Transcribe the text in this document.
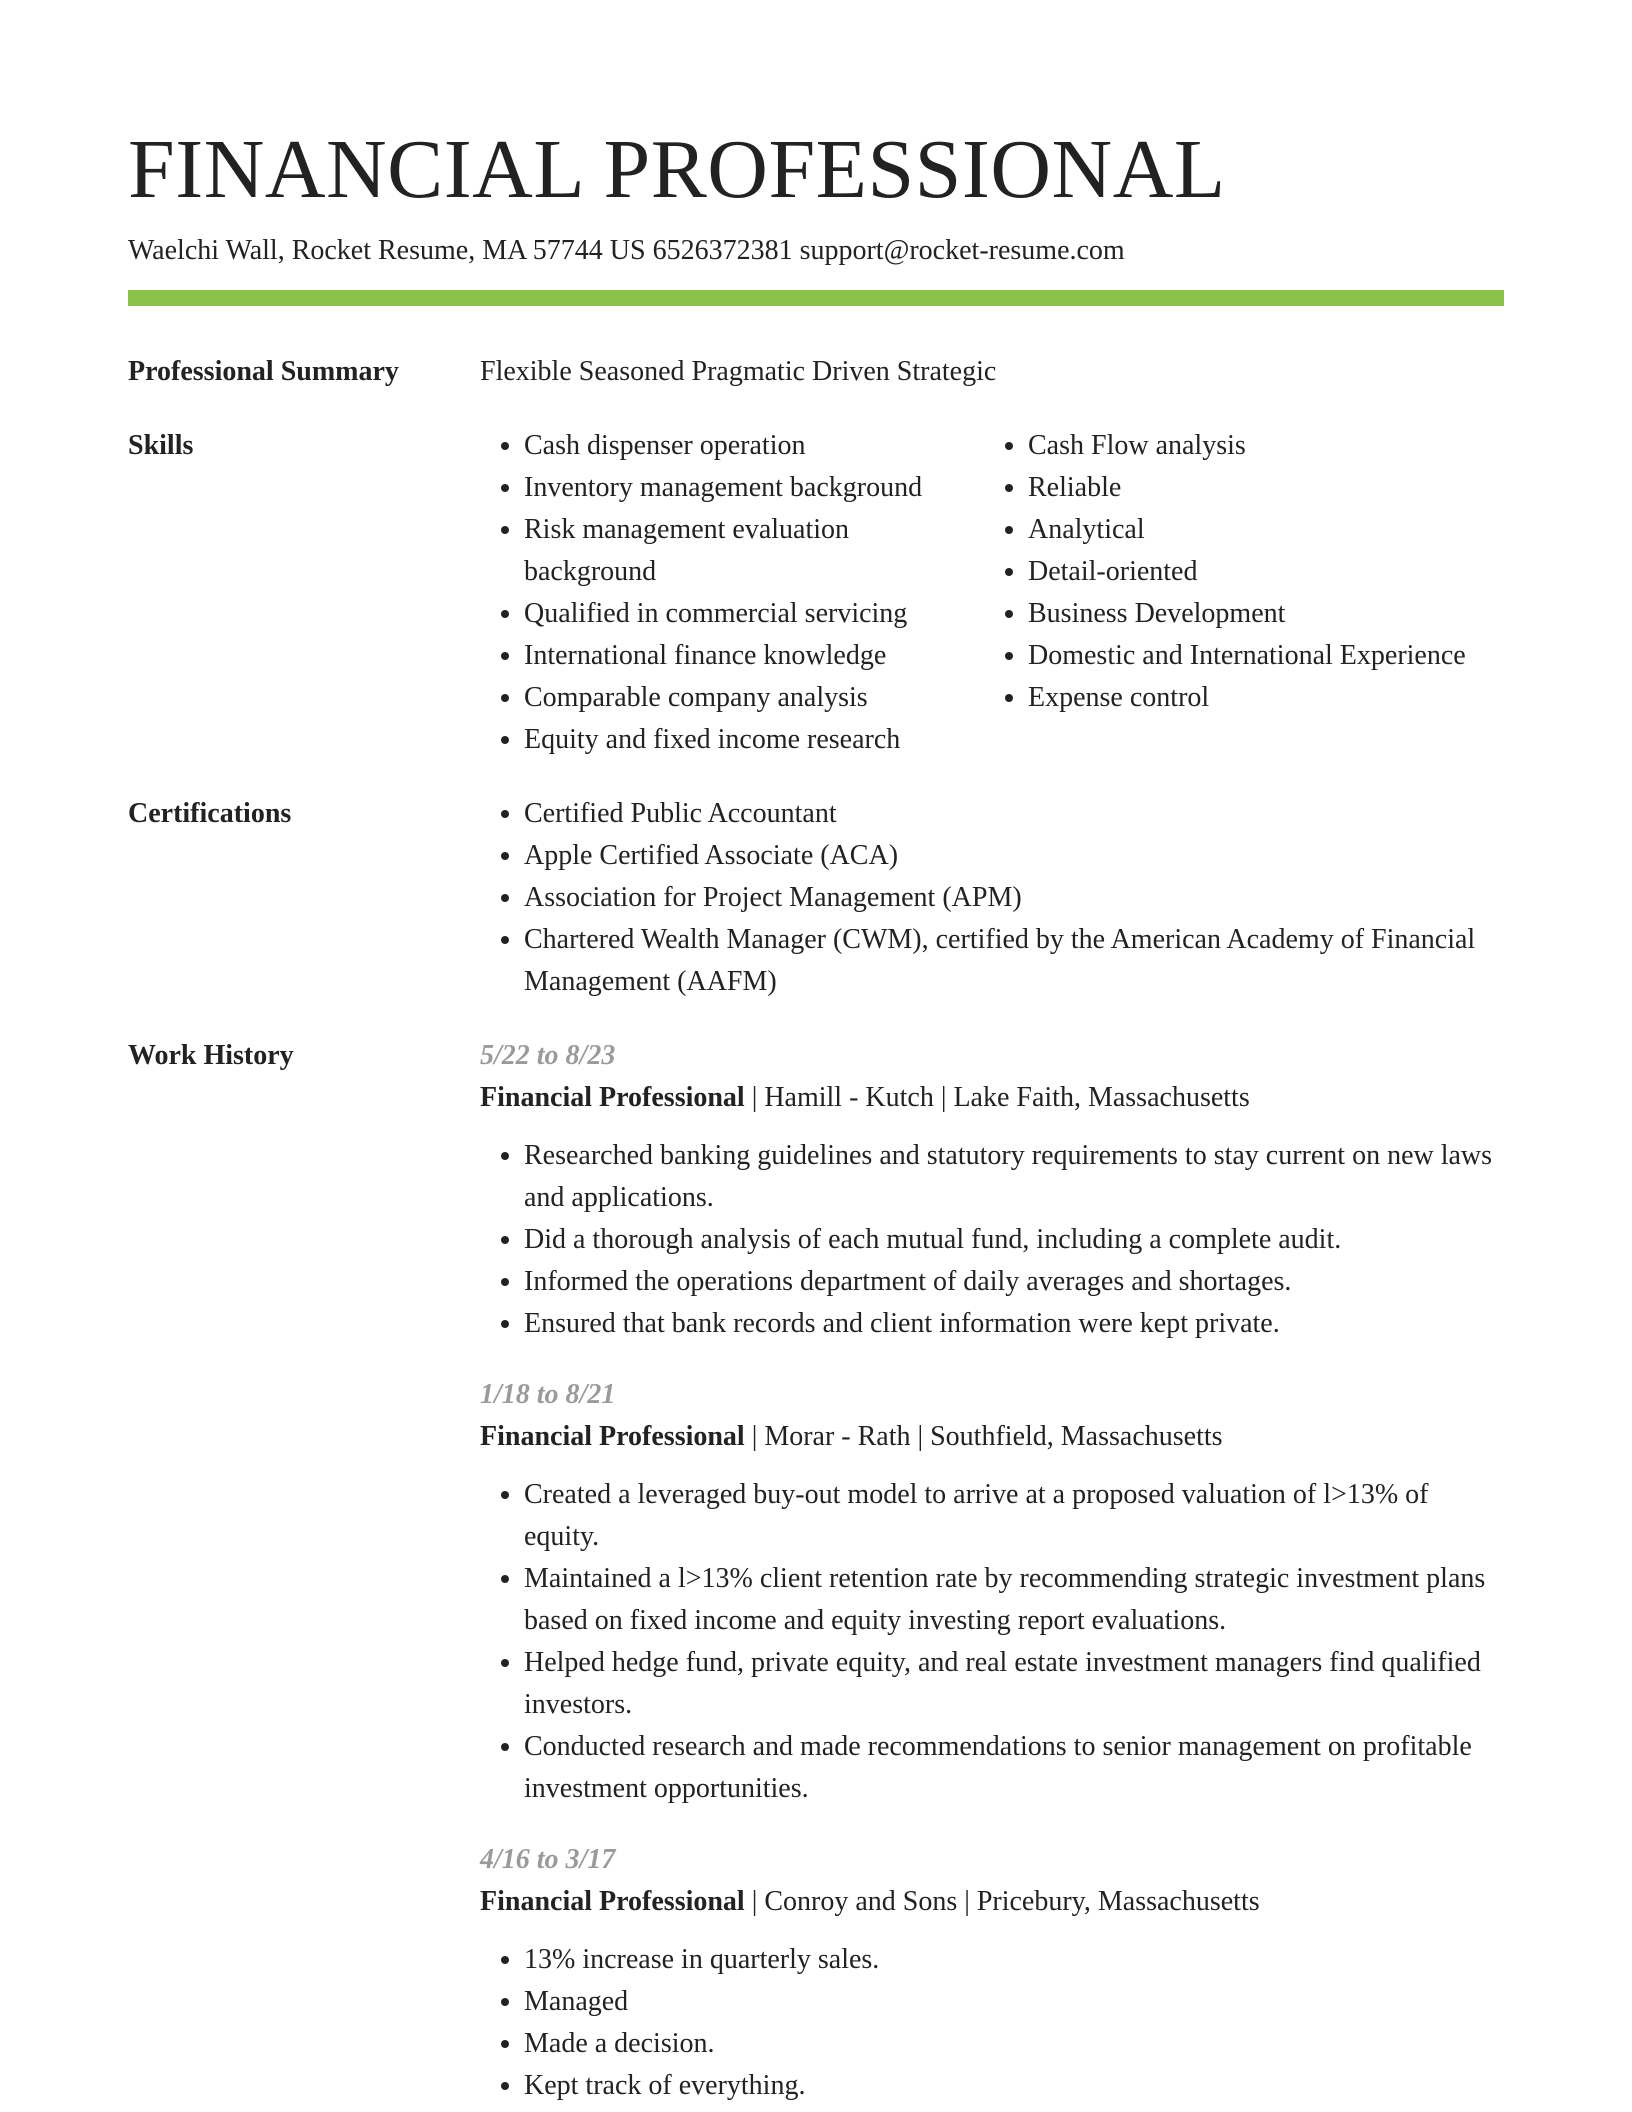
FINANCIAL PROFESSIONAL
Waelchi Wall, Rocket Resume, MA 57744 US 6526372381 support@rocket-resume.com
Professional Summary	Flexible Seasoned Pragmatic Driven Strategic
Skills	• Cash dispenser operation
• Inventory management background
• Risk management evaluation background
• Qualified in commercial servicing
• International finance knowledge
• Comparable company analysis
• Equity and fixed income research
• Cash Flow analysis
• Reliable
• Analytical
• Detail-oriented
• Business Development
• Domestic and International Experience
• Expense control
Certifications	• Certified Public Accountant
• Apple Certified Associate (ACA)
• Association for Project Management (APM)
• Chartered Wealth Manager (CWM), certified by the American Academy of Financial Management (AAFM)
Work History	5/22 to 8/23
Financial Professional | Hamill - Kutch | Lake Faith, Massachusetts
• Researched banking guidelines and statutory requirements to stay current on new laws and applications.
• Did a thorough analysis of each mutual fund, including a complete audit.
• Informed the operations department of daily averages and shortages.
• Ensured that bank records and client information were kept private.
1/18 to 8/21
Financial Professional | Morar - Rath | Southfield, Massachusetts
• Created a leveraged buy-out model to arrive at a proposed valuation of l>13% of equity.
• Maintained a l>13% client retention rate by recommending strategic investment plans based on fixed income and equity investing report evaluations.
• Helped hedge fund, private equity, and real estate investment managers find qualified investors.
• Conducted research and made recommendations to senior management on profitable investment opportunities.
4/16 to 3/17
Financial Professional | Conroy and Sons | Pricebury, Massachusetts
• 13% increase in quarterly sales.
• Managed
• Made a decision.
• Kept track of everything.
